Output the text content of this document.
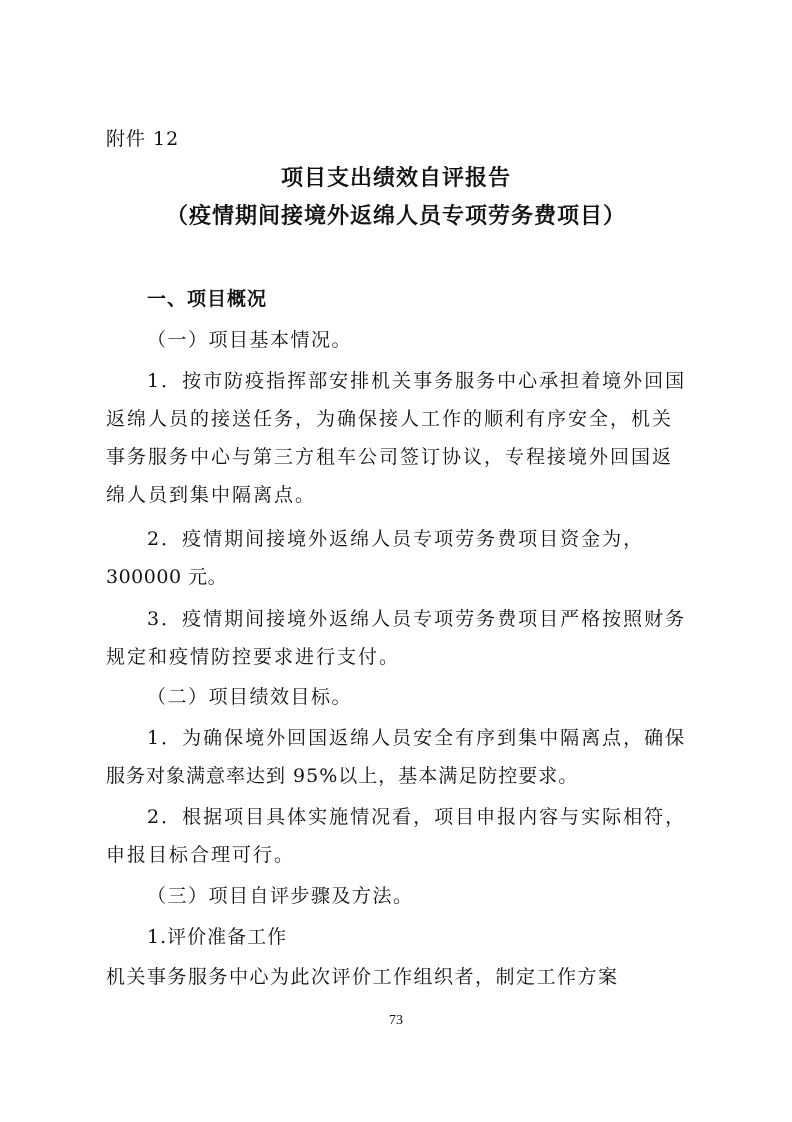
附件 12
项目支出绩效自评报告
（疫情期间接境外返绵人员专项劳务费项目）
一、项目概况
（一）项目基本情况。
1．按市防疫指挥部安排机关事务服务中心承担着境外回国
返绵人员的接送任务，为确保接人工作的顺利有序安全，机关
事务服务中心与第三方租车公司签订协议，专程接境外回国返
绵人员到集中隔离点。
2．疫情期间接境外返绵人员专项劳务费项目资金为，
300000 元。
3．疫情期间接境外返绵人员专项劳务费项目严格按照财务
规定和疫情防控要求进行支付。
（二）项目绩效目标。
1．为确保境外回国返绵人员安全有序到集中隔离点，确保
服务对象满意率达到 95%以上，基本满足防控要求。
2．根据项目具体实施情况看，项目申报内容与实际相符，
申报目标合理可行。
（三）项目自评步骤及方法。
1.评价准备工作
机关事务服务中心为此次评价工作组织者，制定工作方案
73
